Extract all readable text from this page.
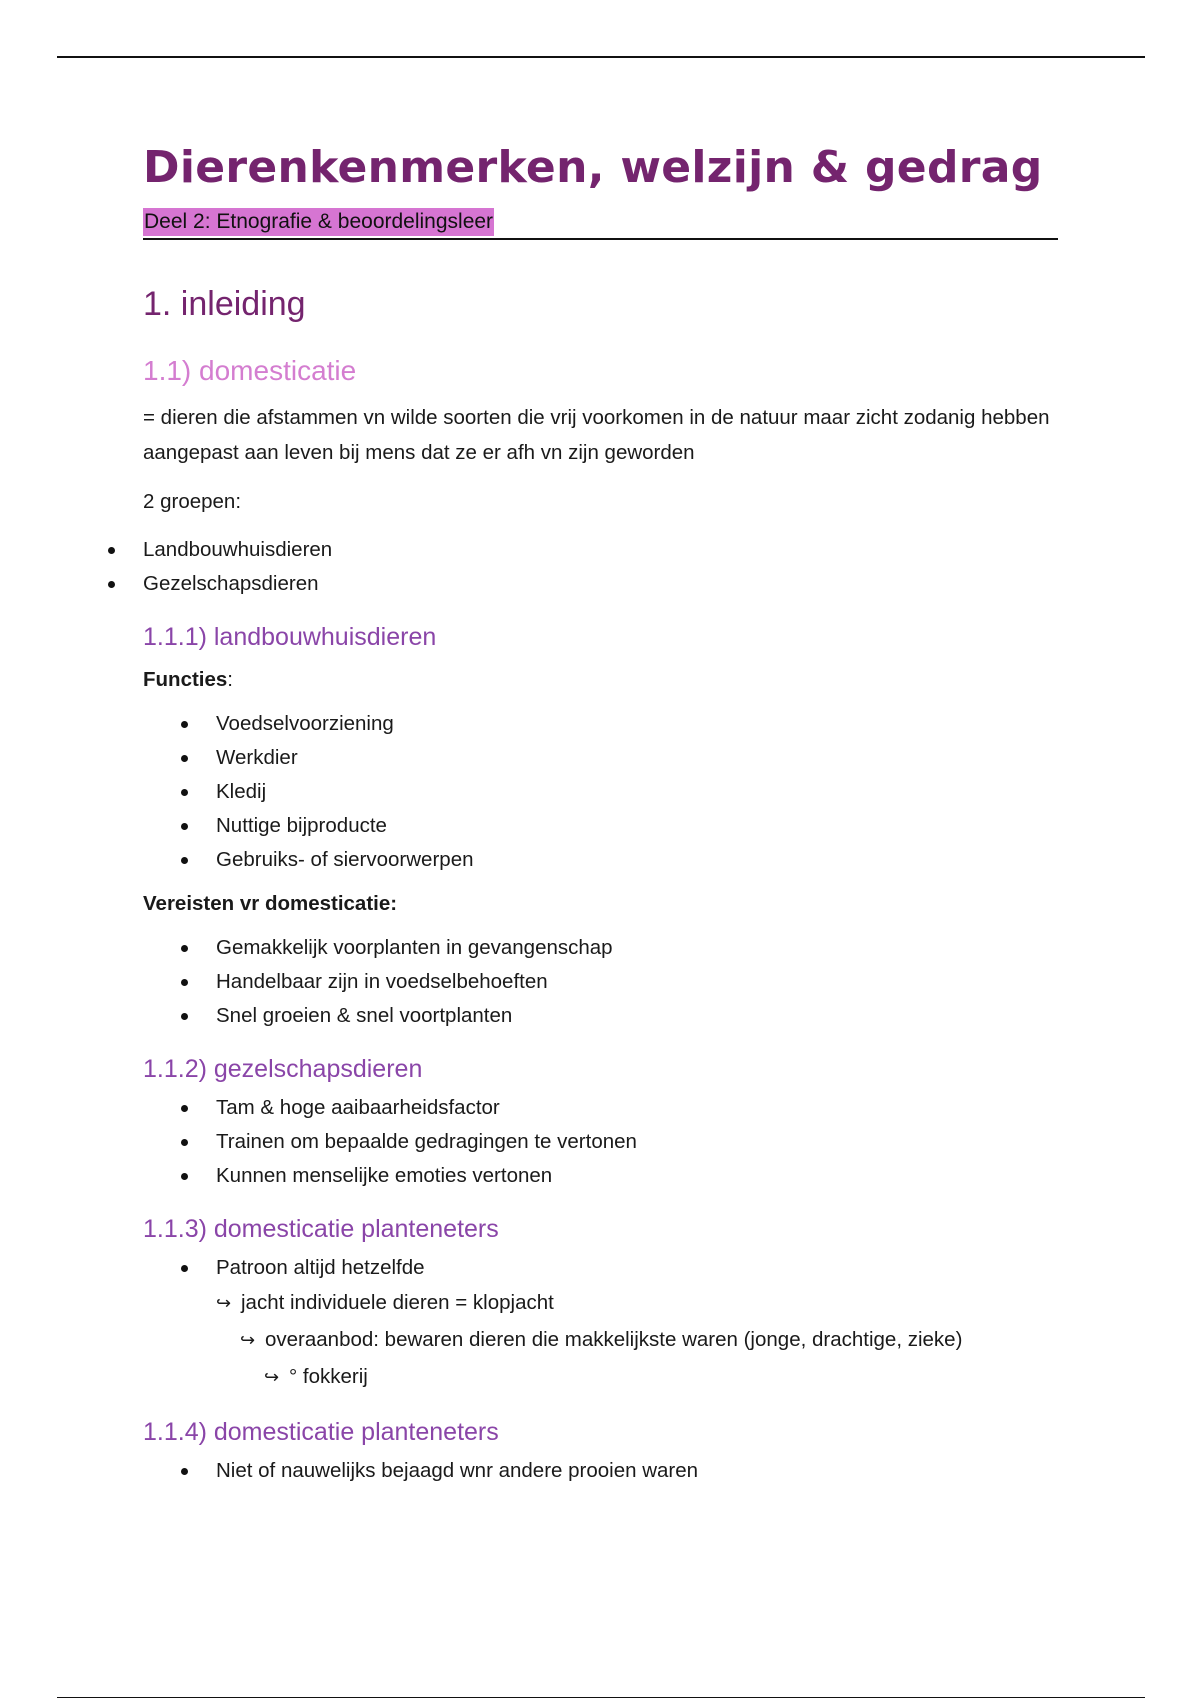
Dierenkenmerken, welzijn & gedrag
Deel 2: Etnografie & beoordelingsleer
1. inleiding
1.1) domesticatie

= dieren die afstammen vn wilde soorten die vrij voorkomen in de natuur maar zicht zodanig hebben aangepast aan leven bij mens dat ze er afh vn zijn geworden

2 groepen:

Landbouwhuisdieren
Gezelschapsdieren
1.1.1) landbouwhuisdieren

Functies:

Voedselvoorziening
Werkdier
Kledij
Nuttige bijproducte
Gebruiks- of siervoorwerpen

Vereisten vr domesticatie:

Gemakkelijk voorplanten in gevangenschap
Handelbaar zijn in voedselbehoeften
Snel groeien & snel voortplanten
1.1.2) gezelschapsdieren
Tam & hoge aaibaarheidsfactor
Trainen om bepaalde gedragingen te vertonen
Kunnen menselijke emoties vertonen
1.1.3) domesticatie planteneters
Patroon altijd hetzelfde
↪ jacht individuele dieren = klopjacht
↪ overaanbod: bewaren dieren die makkelijkste waren (jonge, drachtige, zieke)
↪ ° fokkerij
1.1.4) domesticatie planteneters
Niet of nauwelijks bejaagd wnr andere prooien waren
